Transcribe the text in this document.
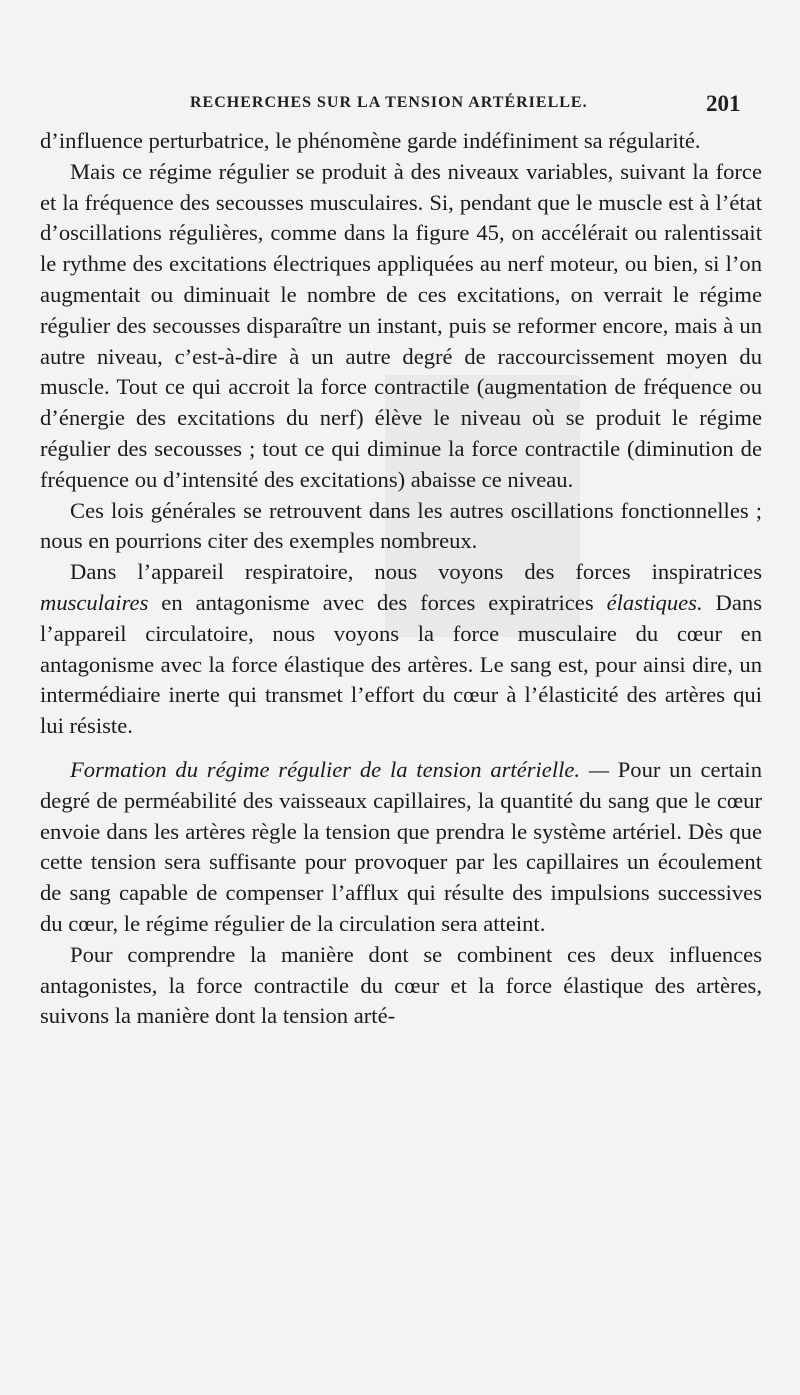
RECHERCHES SUR LA TENSION ARTÉRIELLE.	201

d’influence perturbatrice, le phénomène garde indéfiniment sa régularité.

Mais ce régime régulier se produit à des niveaux variables, suivant la force et la fréquence des secousses musculaires. Si, pendant que le muscle est à l’état d’oscillations régulières, comme dans la figure 45, on accélérait ou ralentissait le rythme des excitations électriques appliquées au nerf moteur, ou bien, si l’on augmentait ou diminuait le nombre de ces excitations, on verrait le régime régulier des secousses disparaître un instant, puis se reformer encore, mais à un autre niveau, c’est-à-dire à un autre degré de raccourcissement moyen du muscle. Tout ce qui accroit la force contractile (augmentation de fréquence ou d’énergie des excitations du nerf) élève le niveau où se produit le régime régulier des secousses ; tout ce qui diminue la force contractile (diminution de fréquence ou d’intensité des excitations) abaisse ce niveau.

Ces lois générales se retrouvent dans les autres oscillations fonctionnelles ; nous en pourrions citer des exemples nombreux.

Dans l’appareil respiratoire, nous voyons des forces inspiratrices musculaires en antagonisme avec des forces expiratrices élastiques. Dans l’appareil circulatoire, nous voyons la force musculaire du cœur en antagonisme avec la force élastique des artères. Le sang est, pour ainsi dire, un intermédiaire inerte qui transmet l’effort du cœur à l’élasticité des artères qui lui résiste.

Formation du régime régulier de la tension artérielle. — Pour un certain degré de perméabilité des vaisseaux capillaires, la quantité du sang que le cœur envoie dans les artères règle la tension que prendra le système artériel. Dès que cette tension sera suffisante pour provoquer par les capillaires un écoulement de sang capable de compenser l’afflux qui résulte des impulsions successives du cœur, le régime régulier de la circulation sera atteint.

Pour comprendre la manière dont se combinent ces deux influences antagonistes, la force contractile du cœur et la force élastique des artères, suivons la manière dont la tension arté-
